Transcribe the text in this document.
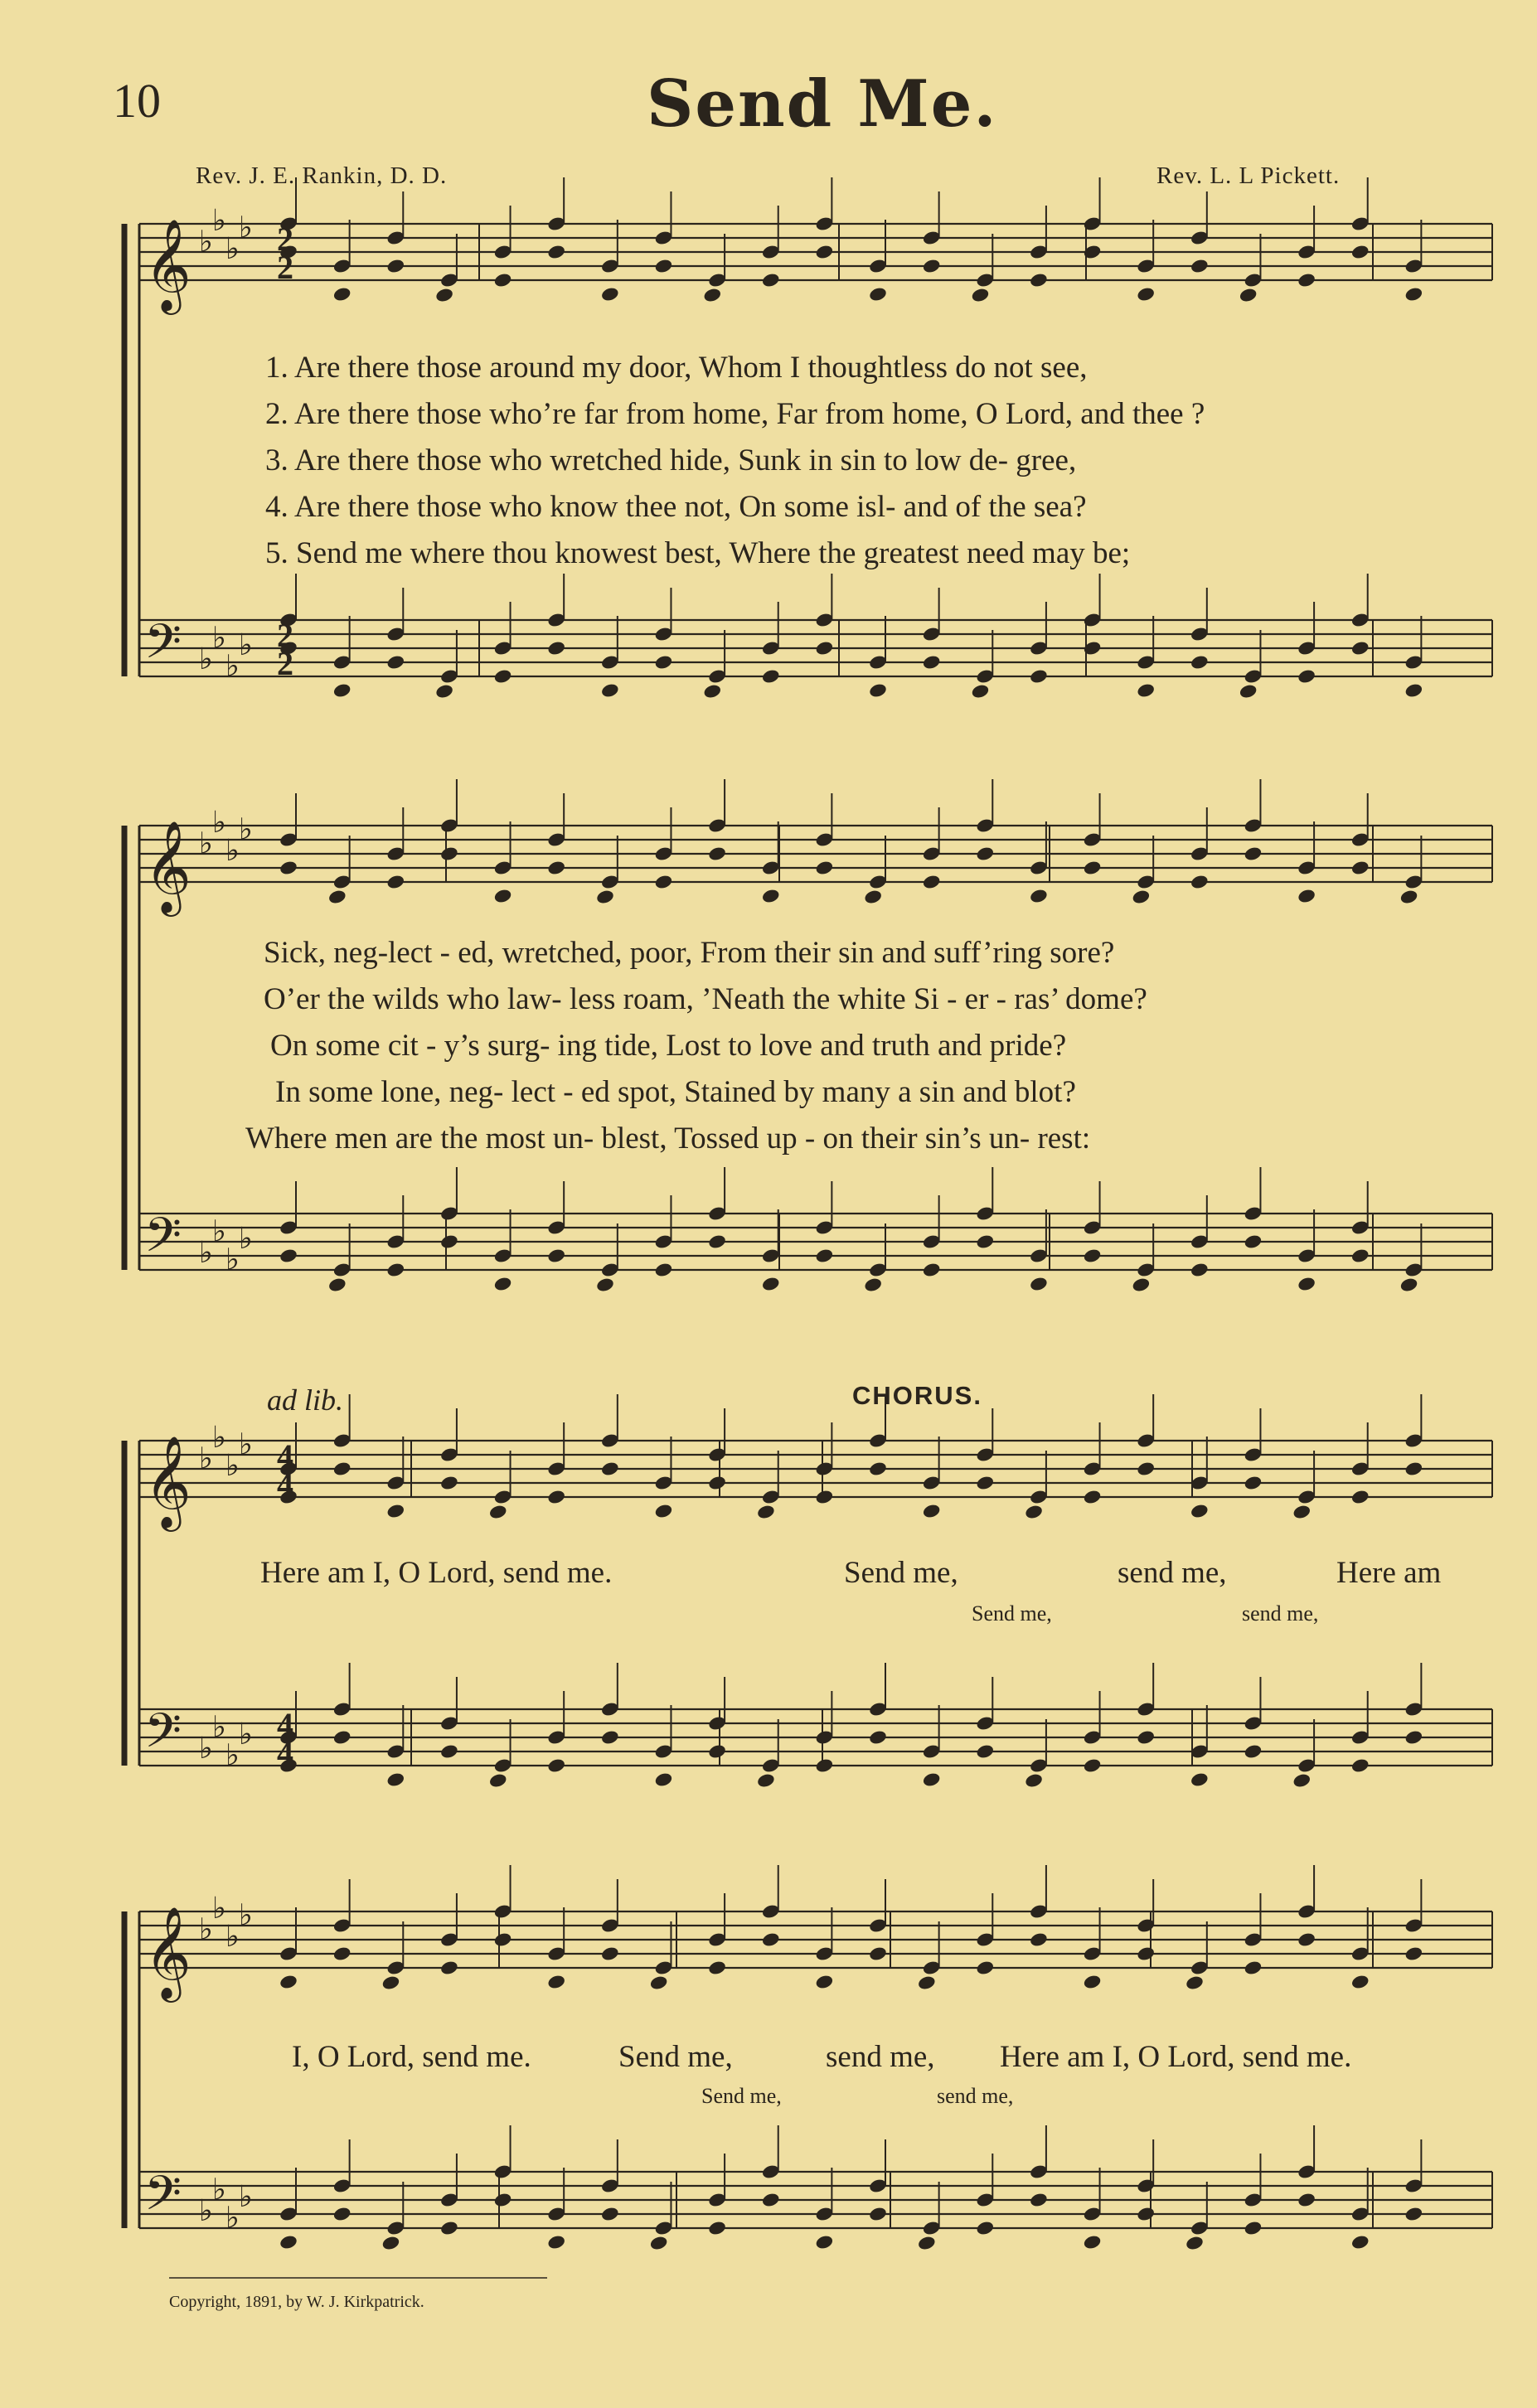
10	Send Me.
Rev. J. E. Rankin, D. D.	Rev. L. L Pickett.
𝄞 ♭
♭
♭
♭
𝄢 ♭
♭
♭
♭
𝄞 ♭
♭
♭
♭
𝄢 ♭
♭
♭
♭
𝄞 ♭
♭
♭
♭
𝄢 ♭
♭
♭
♭
𝄞 ♭
♭
♭
♭
𝄢 ♭
♭
♭
♭
2
2
2
2
4
4
4
4
1. Are there those around my door, Whom I thoughtless do not see,
2. Are there those who’re far from home, Far from home, O Lord, and thee ?
3. Are there those who wretched hide, Sunk in sin to low de- gree,
4. Are there those who know thee not, On some isl- and of the sea?
5. Send me where thou knowest best, Where the greatest need may be;
Sick, neg-lect - ed, wretched, poor, From their sin and suff’ring sore?
O’er the wilds who law- less roam, ’Neath the white Si - er - ras’ dome?
On some cit - y’s surg- ing tide, Lost to love and truth and pride?
In some lone, neg- lect - ed spot, Stained by many a sin and blot?
Where men are the most un- blest, Tossed up - on their sin’s un- rest:
ad lib.	CHORUS.
Here am I, O Lord, send me.	Send me,	send me,	Here am
Send me,	send me,
I, O Lord, send me.	Send me,	send me, Here am I, O Lord, send me.
Send me,	send me,
Copyright, 1891, by W. J. Kirkpatrick.
